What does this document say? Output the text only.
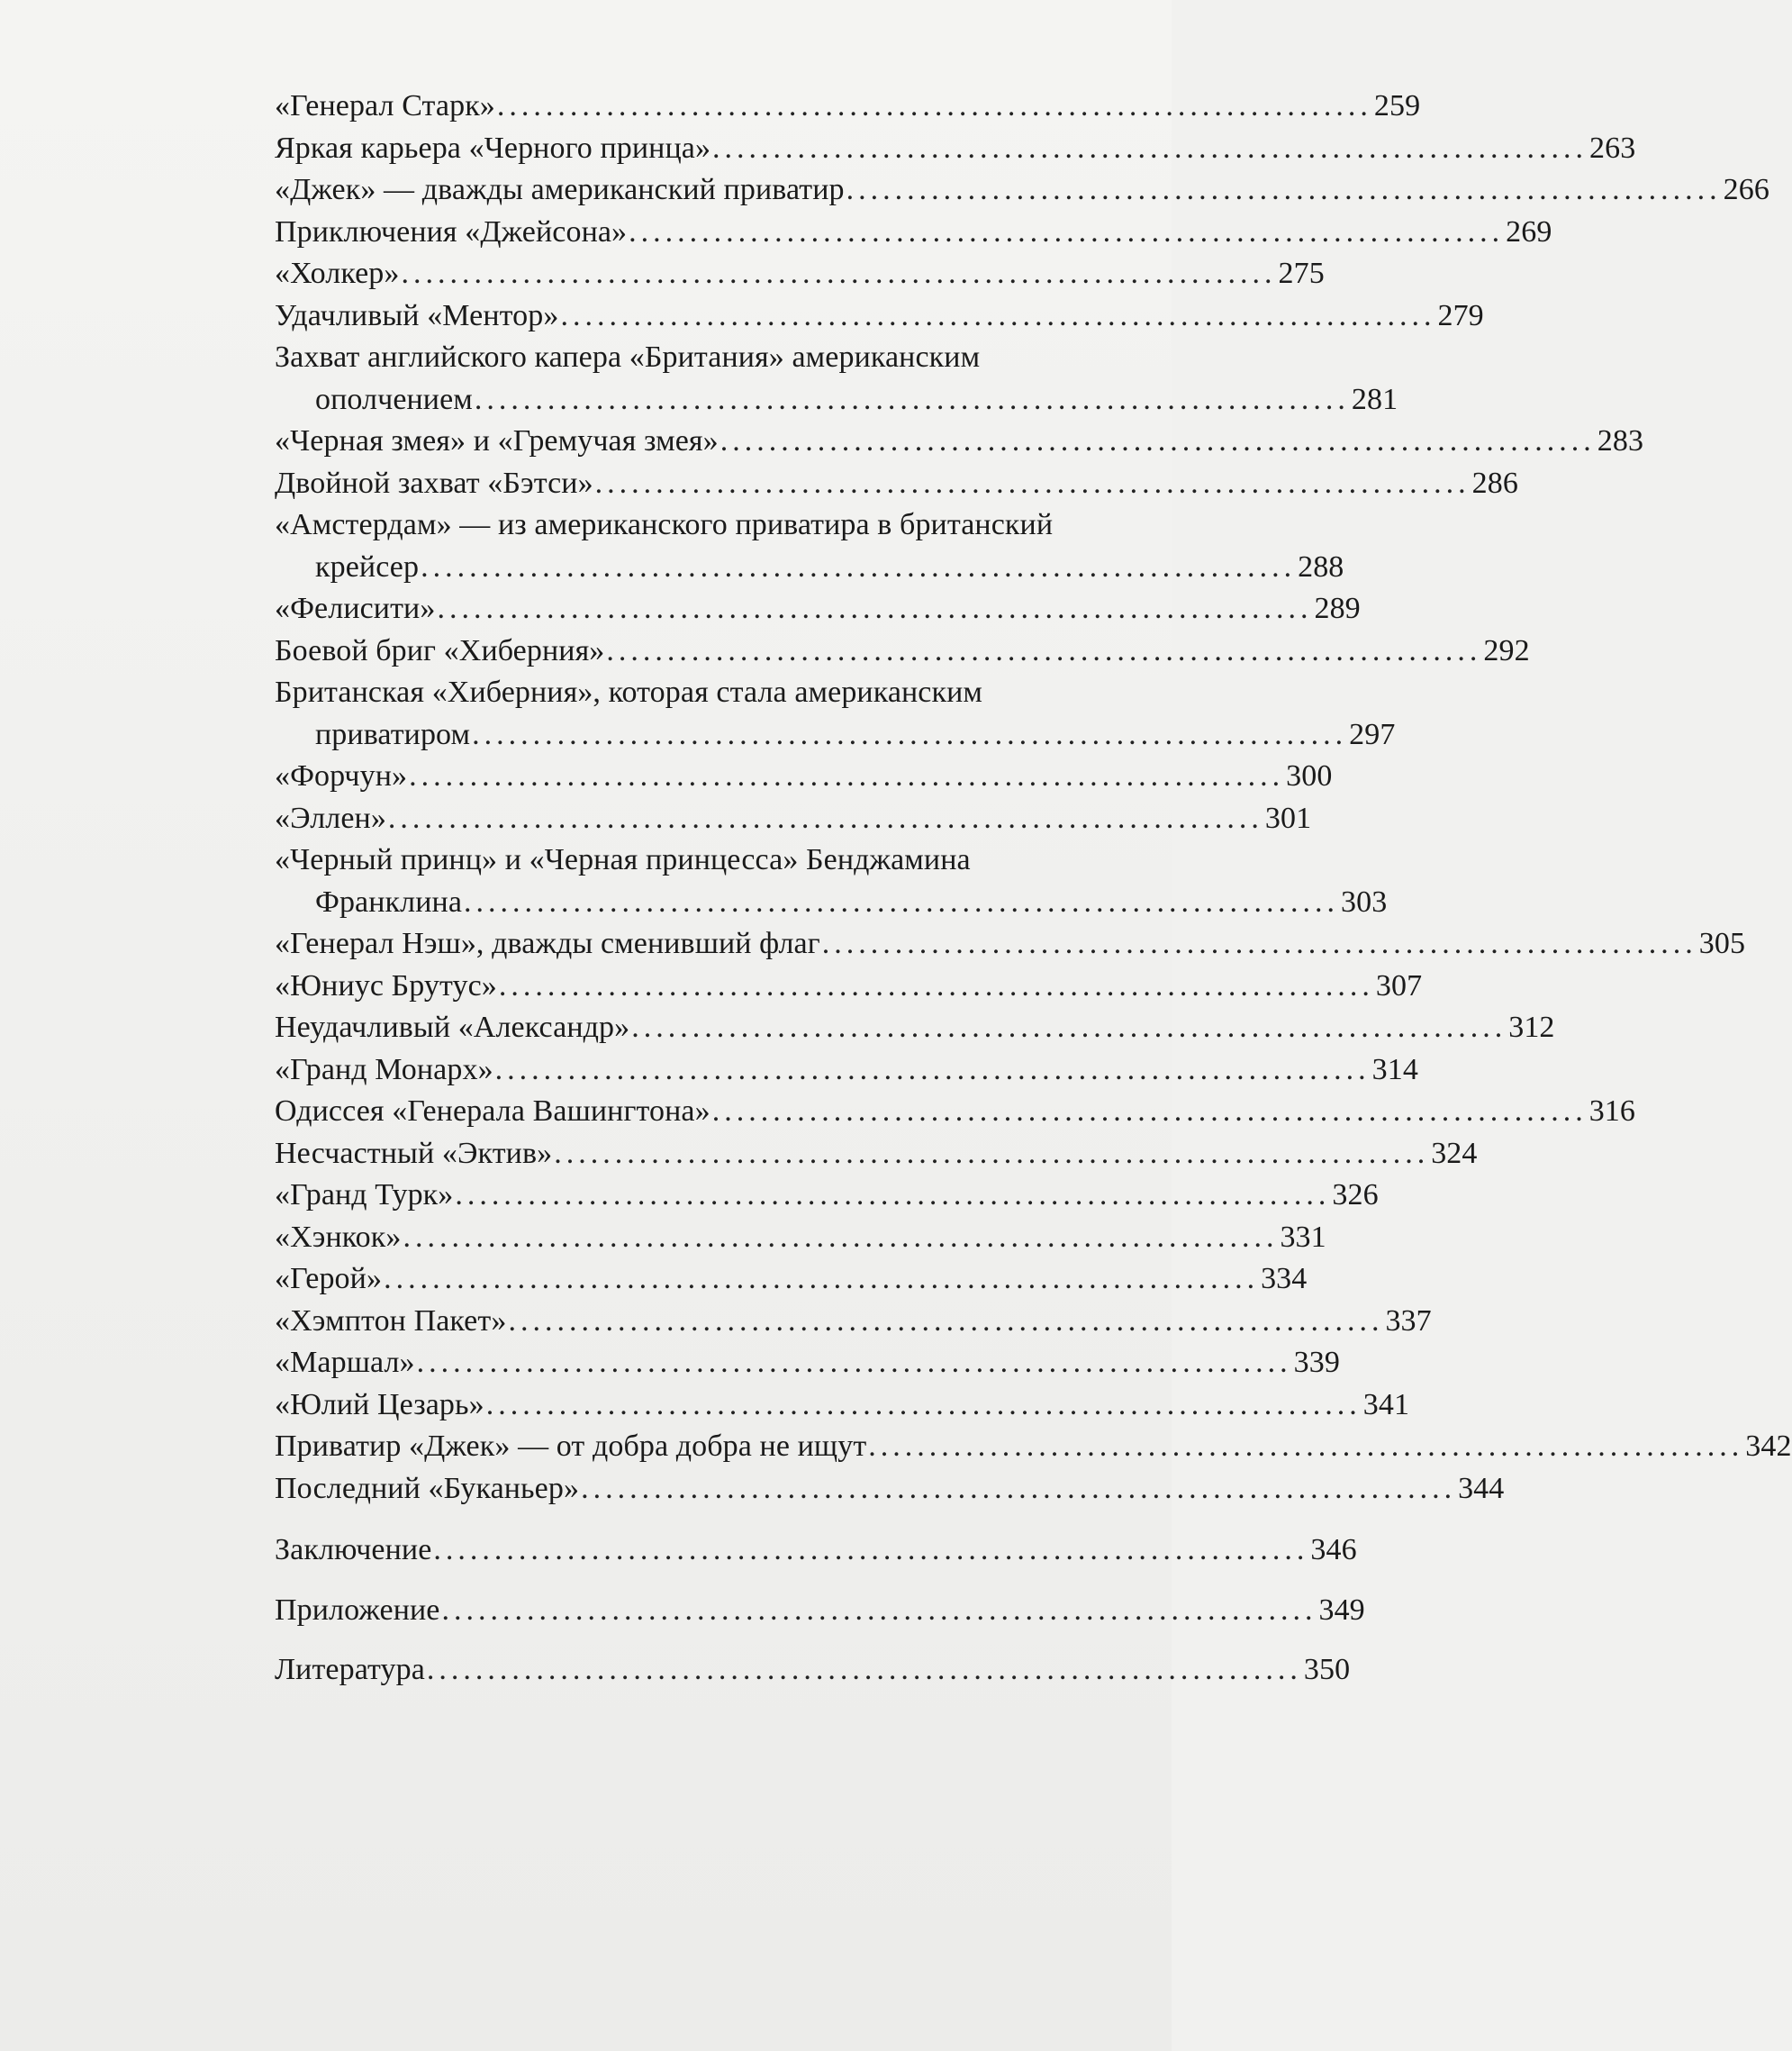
«Генерал Старк» ........................................................................ 259
Яркая карьера «Черного принца» ........................................................................ 263
«Джек» — дважды американский приватир ........................................................................ 266
Приключения «Джейсона» ........................................................................ 269
«Холкер» ........................................................................ 275
Удачливый «Ментор» ........................................................................ 279
Захват английского капера «Британия» американским
ополчением ........................................................................ 281
«Черная змея» и «Гремучая змея» ........................................................................ 283
Двойной захват «Бэтси» ........................................................................ 286
«Амстердам» — из американского приватира в британский
крейсер ........................................................................ 288
«Фелисити» ........................................................................ 289
Боевой бриг «Хиберния» ........................................................................ 292
Британская «Хиберния», которая стала американским
приватиром ........................................................................ 297
«Форчун» ........................................................................ 300
«Эллен» ........................................................................ 301
«Черный принц» и «Черная принцесса» Бенджамина
Франклина ........................................................................ 303
«Генерал Нэш», дважды сменивший флаг ........................................................................ 305
«Юниус Брутус» ........................................................................ 307
Неудачливый «Александр» ........................................................................ 312
«Гранд Монарх» ........................................................................ 314
Одиссея «Генерала Вашингтона» ........................................................................ 316
Несчастный «Эктив» ........................................................................ 324
«Гранд Турк» ........................................................................ 326
«Хэнкок» ........................................................................ 331
«Герой» ........................................................................ 334
«Хэмптон Пакет» ........................................................................ 337
«Маршал» ........................................................................ 339
«Юлий Цезарь» ........................................................................ 341
Приватир «Джек» — от добра добра не ищут ........................................................................ 342
Последний «Буканьер» ........................................................................ 344
Заключение ........................................................................ 346
Приложение ........................................................................ 349
Литература ........................................................................ 350
